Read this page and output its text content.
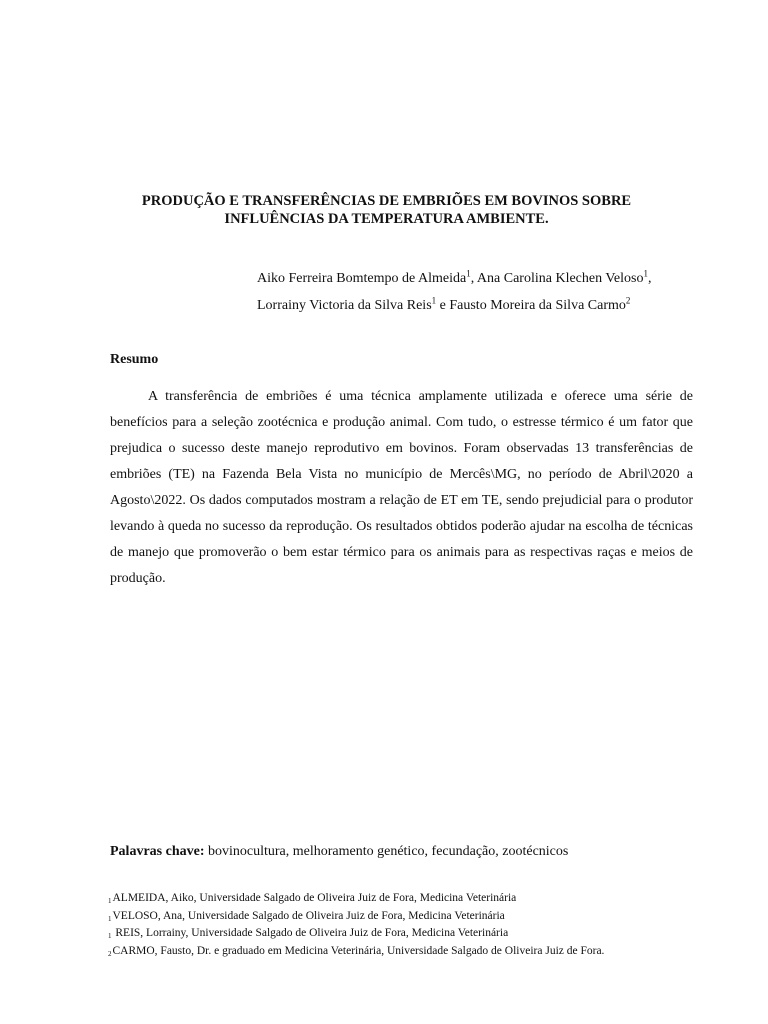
PRODUÇÃO E TRANSFERÊNCIAS DE EMBRIÕES EM BOVINOS SOBRE
INFLUÊNCIAS DA TEMPERATURA AMBIENTE.
Aiko Ferreira Bomtempo de Almeida$^1$, Ana Carolina Klechen Veloso$^1$,
Lorrainy Victoria da Silva Reis$^1$ e Fausto Moreira da Silva Carmo$^2$
Resumo

A transferência de embriões é uma técnica amplamente utilizada e oferece uma série de benefícios para a seleção zootécnica e produção animal. Com tudo, o estresse térmico é um fator que prejudica o sucesso deste manejo reprodutivo em bovinos. Foram observadas 13 transferências de embriões (TE) na Fazenda Bela Vista no município de Mercês\MG, no período de Abril\2020 a Agosto\2022. Os dados computados mostram a relação de ET em TE, sendo prejudicial para o produtor levando à queda no sucesso da reprodução. Os resultados obtidos poderão ajudar na escolha de técnicas de manejo que promoverão o bem estar térmico para os animais para as respectivas raças e meios de produção.

Palavras chave: bovinocultura, melhoramento genético, fecundação, zootécnicos
1ALMEIDA, Aiko, Universidade Salgado de Oliveira Juiz de Fora, Medicina Veterinária
1VELOSO, Ana, Universidade Salgado de Oliveira Juiz de Fora, Medicina Veterinária
1 REIS, Lorrainy, Universidade Salgado de Oliveira Juiz de Fora, Medicina Veterinária
2CARMO, Fausto, Dr. e graduado em Medicina Veterinária, Universidade Salgado de Oliveira Juiz de Fora.
